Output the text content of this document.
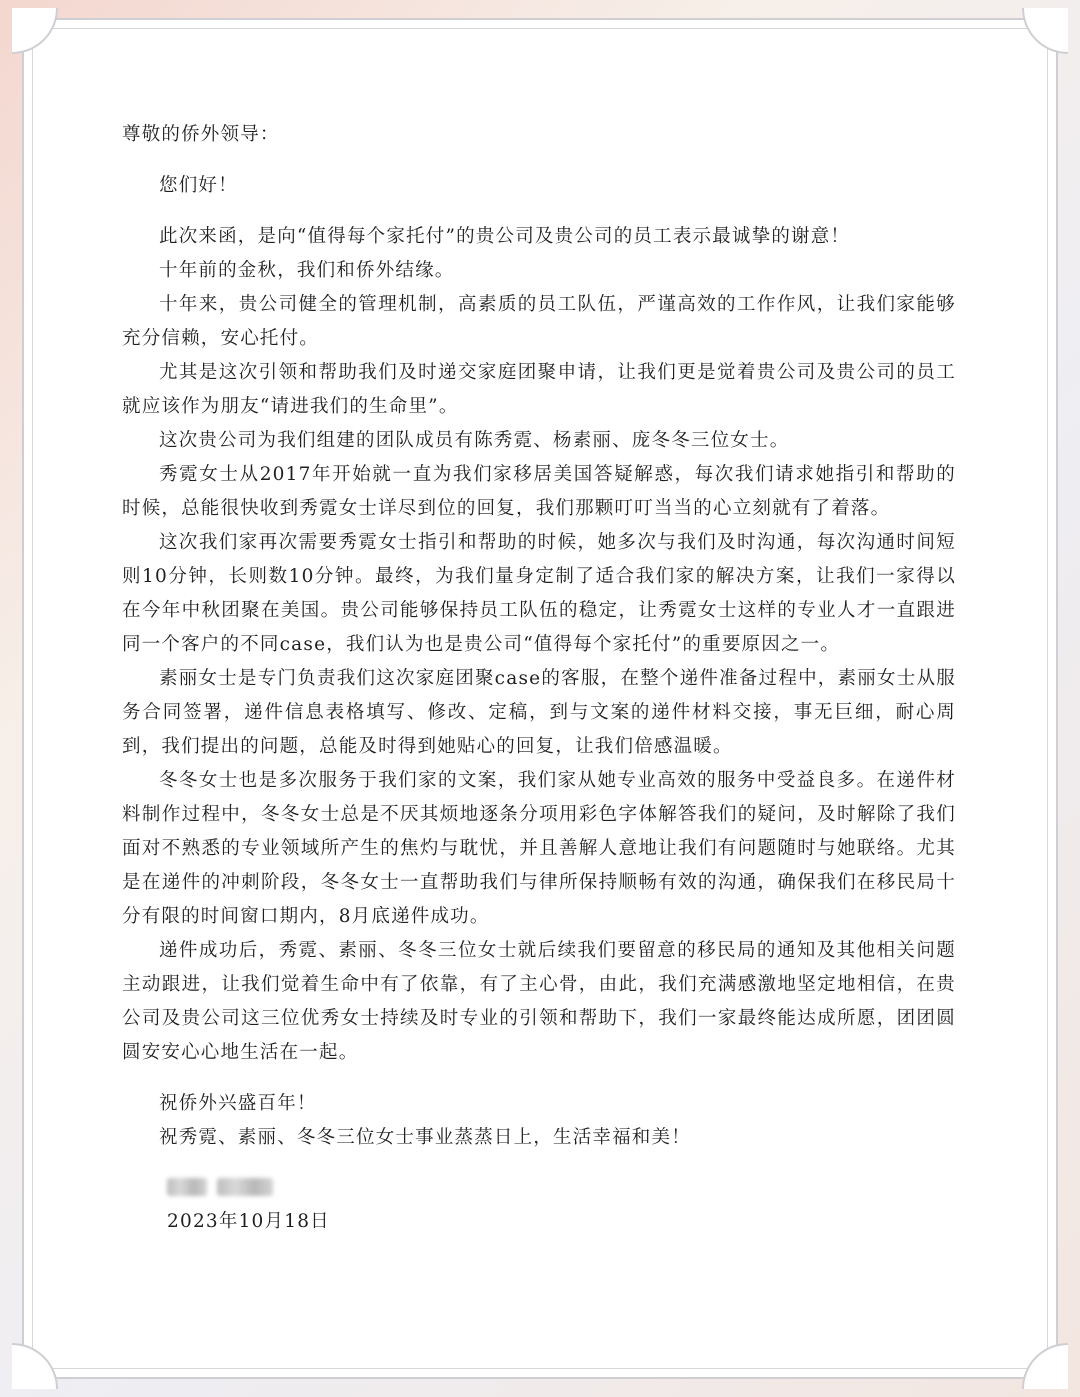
尊敬的侨外领导：

您们好！

此次来函，是向“值得每个家托付”的贵公司及贵公司的员工表示最诚挚的谢意！

十年前的金秋，我们和侨外结缘。

十年来，贵公司健全的管理机制，高素质的员工队伍，严谨高效的工作作风，让我们家能够充分信赖，安心托付。

尤其是这次引领和帮助我们及时递交家庭团聚申请，让我们更是觉着贵公司及贵公司的员工就应该作为朋友“请进我们的生命里”。

这次贵公司为我们组建的团队成员有陈秀霓、杨素丽、庞冬冬三位女士。

秀霓女士从2017年开始就一直为我们家移居美国答疑解惑，每次我们请求她指引和帮助的时候，总能很快收到秀霓女士详尽到位的回复，我们那颗叮叮当当的心立刻就有了着落。

这次我们家再次需要秀霓女士指引和帮助的时候，她多次与我们及时沟通，每次沟通时间短则10分钟，长则数10分钟。最终，为我们量身定制了适合我们家的解决方案，让我们一家得以在今年中秋团聚在美国。贵公司能够保持员工队伍的稳定，让秀霓女士这样的专业人才一直跟进同一个客户的不同case，我们认为也是贵公司“值得每个家托付”的重要原因之一。

素丽女士是专门负责我们这次家庭团聚case的客服，在整个递件准备过程中，素丽女士从服务合同签署，递件信息表格填写、修改、定稿，到与文案的递件材料交接，事无巨细，耐心周到，我们提出的问题，总能及时得到她贴心的回复，让我们倍感温暖。

冬冬女士也是多次服务于我们家的文案，我们家从她专业高效的服务中受益良多。在递件材料制作过程中，冬冬女士总是不厌其烦地逐条分项用彩色字体解答我们的疑问，及时解除了我们面对不熟悉的专业领域所产生的焦灼与耽忧，并且善解人意地让我们有问题随时与她联络。尤其是在递件的冲刺阶段，冬冬女士一直帮助我们与律所保持顺畅有效的沟通，确保我们在移民局十分有限的时间窗口期内，8月底递件成功。

递件成功后，秀霓、素丽、冬冬三位女士就后续我们要留意的移民局的通知及其他相关问题主动跟进，让我们觉着生命中有了依靠，有了主心骨，由此，我们充满感激地坚定地相信，在贵公司及贵公司这三位优秀女士持续及时专业的引领和帮助下，我们一家最终能达成所愿，团团圆圆安安心心地生活在一起。

祝侨外兴盛百年！

祝秀霓、素丽、冬冬三位女士事业蒸蒸日上，生活幸福和美！

2023年10月18日
